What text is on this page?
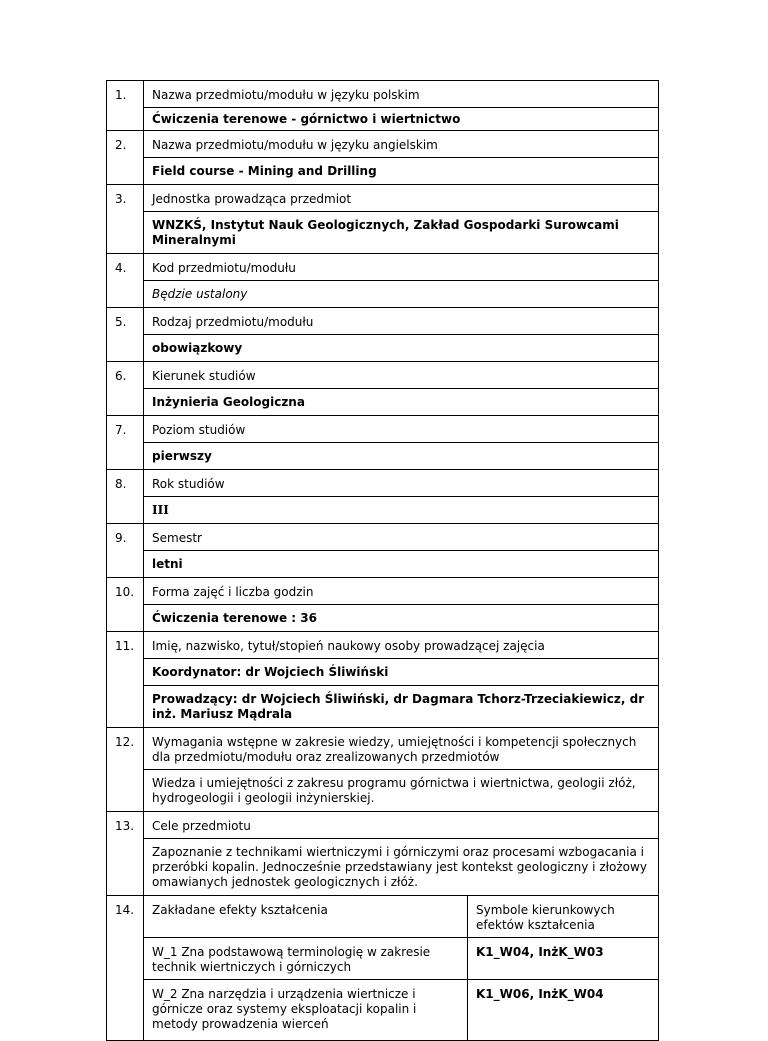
1.	Nazwa przedmiotu/modułu w języku polskim
Ćwiczenia terenowe - górnictwo i wiertnictwo
2.	Nazwa przedmiotu/modułu w języku angielskim
Field course - Mining and Drilling
3.	Jednostka prowadząca przedmiot
WNZKŚ, Instytut Nauk Geologicznych, Zakład Gospodarki Surowcami Mineralnymi
4.	Kod przedmiotu/modułu
Będzie ustalony
5.	Rodzaj przedmiotu/modułu
obowiązkowy
6.	Kierunek studiów
Inżynieria Geologiczna
7.	Poziom studiów
pierwszy
8.	Rok studiów
III
9.	Semestr
letni
10.	Forma zajęć i liczba godzin
Ćwiczenia terenowe : 36
11.	Imię, nazwisko, tytuł/stopień naukowy osoby prowadzącej zajęcia

Koordynator: dr Wojciech Śliwiński
Prowadzący: dr Wojciech Śliwiński, dr Dagmara Tchorz-Trzeciakiewicz, dr inż. Mariusz Mądrala

12.	Wymagania wstępne w zakresie wiedzy, umiejętności i kompetencji społecznych dla przedmiotu/modułu oraz zrealizowanych przedmiotów
Wiedza i umiejętności z zakresu programu górnictwa i wiertnictwa, geologii złóż, hydrogeologii i geologii inżynierskiej.
13.	Cele przedmiotu
Zapoznanie z technikami wiertniczymi i górniczymi oraz procesami wzbogacania i przeróbki kopalin. Jednocześnie przedstawiany jest kontekst geologiczny i złożowy omawianych jednostek geologicznych i złóż.
14.	Zakładane efekty kształcenia	Symbole kierunkowych efektów kształcenia
W_1 Zna podstawową terminologię w zakresie technik wiertniczych i górniczych	K1_W04, InżK_W03
W_2 Zna narzędzia i urządzenia wiertnicze i górnicze oraz systemy eksploatacji kopalin i metody prowadzenia wierceń	K1_W06, InżK_W04
